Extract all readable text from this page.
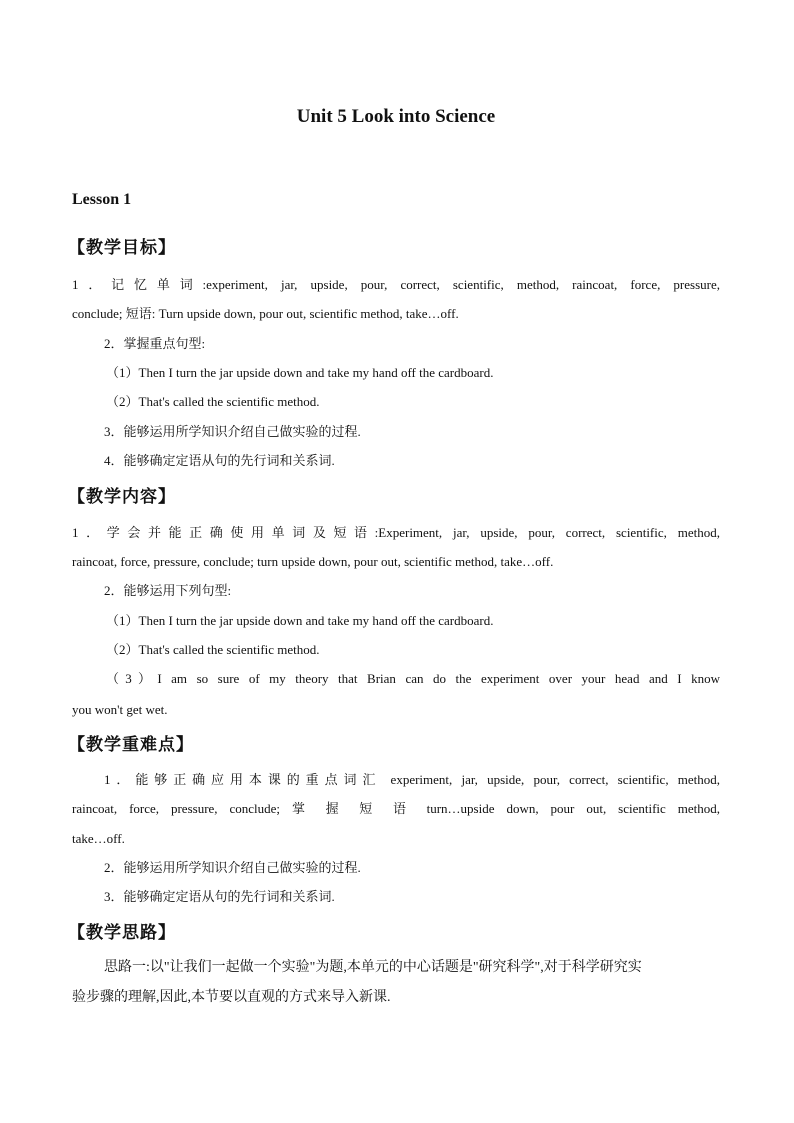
Unit 5 Look into Science
Lesson 1
【教学目标】
1．记忆单词:experiment, jar, upside, pour, correct, scientific, method, raincoat, force, pressure,
conclude; 短语: Turn upside down, pour out, scientific method, take…off.
2．掌握重点句型:
（1）Then I turn the jar upside down and take my hand off the cardboard.
（2）That's called the scientific method.
3．能够运用所学知识介绍自己做实验的过程.
4．能够确定定语从句的先行词和关系词.
【教学内容】
1．学会并能正确使用单词及短语:Experiment, jar, upside, pour, correct, scientific, method,
raincoat, force, pressure, conclude; turn upside down, pour out, scientific method, take…off.
2．能够运用下列句型:
（1）Then I turn the jar upside down and take my hand off the cardboard.
（2）That's called the scientific method.
（3）I am so sure of my theory that Brian can do the experiment over your head and I know
you won't get wet.
【教学重难点】
1．能够正确应用本课的重点词汇 experiment, jar, upside, pour, correct, scientific, method,
raincoat, force, pressure, conclude; 掌 握 短 语 turn…upside down, pour out, scientific method,
take…off.
2．能够运用所学知识介绍自己做实验的过程.
3．能够确定定语从句的先行词和关系词.
【教学思路】
思路一:以"让我们一起做一个实验"为题,本单元的中心话题是"研究科学",对于科学研究实
验步骤的理解,因此,本节要以直观的方式来导入新课.
